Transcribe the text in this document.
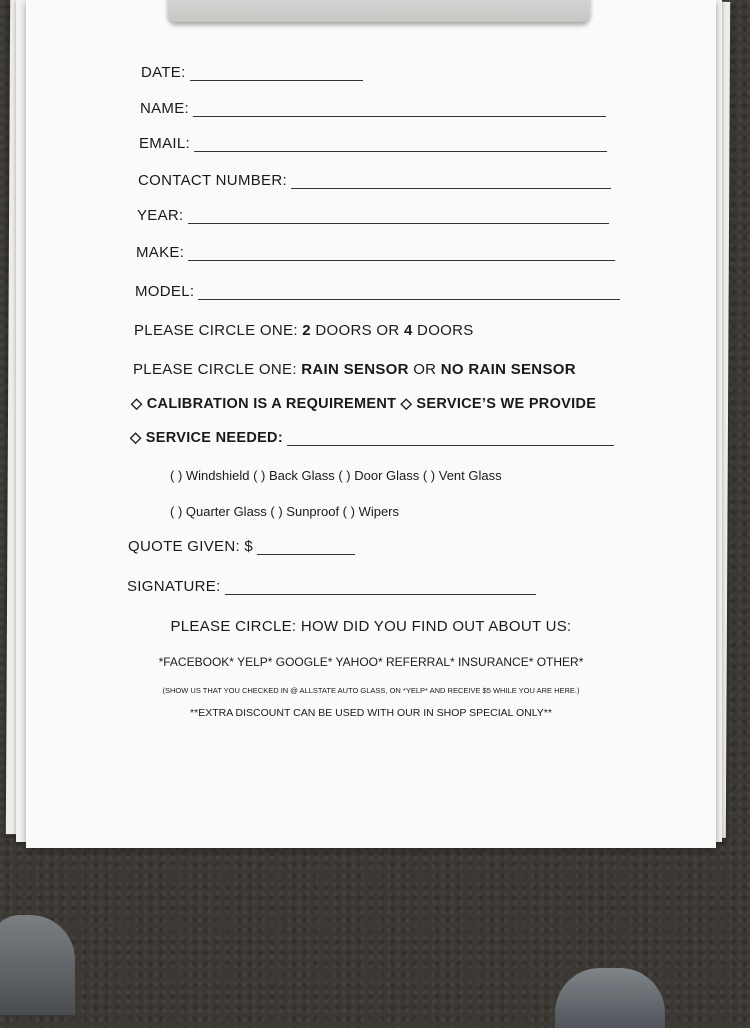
DATE:
NAME:
EMAIL:
CONTACT NUMBER:
YEAR:
MAKE:
MODEL:
PLEASE CIRCLE ONE: 2 DOORS OR 4 DOORS
PLEASE CIRCLE ONE: RAIN SENSOR OR NO RAIN SENSOR
◇ CALIBRATION IS A REQUIREMENT ◇ SERVICE’S WE PROVIDE
◇ SERVICE NEEDED:
( ) Windshield ( ) Back Glass ( ) Door Glass ( ) Vent Glass
( ) Quarter Glass ( ) Sunproof ( ) Wipers
QUOTE GIVEN: $
SIGNATURE:
PLEASE CIRCLE: HOW DID YOU FIND OUT ABOUT US:
*FACEBOOK* YELP* GOOGLE* YAHOO* REFERRAL* INSURANCE* OTHER*
(SHOW US THAT YOU CHECKED IN @ ALLSTATE AUTO GLASS, ON *YELP* AND RECEIVE $5 WHILE YOU ARE HERE.)
**EXTRA DISCOUNT CAN BE USED WITH OUR IN SHOP SPECIAL ONLY**
